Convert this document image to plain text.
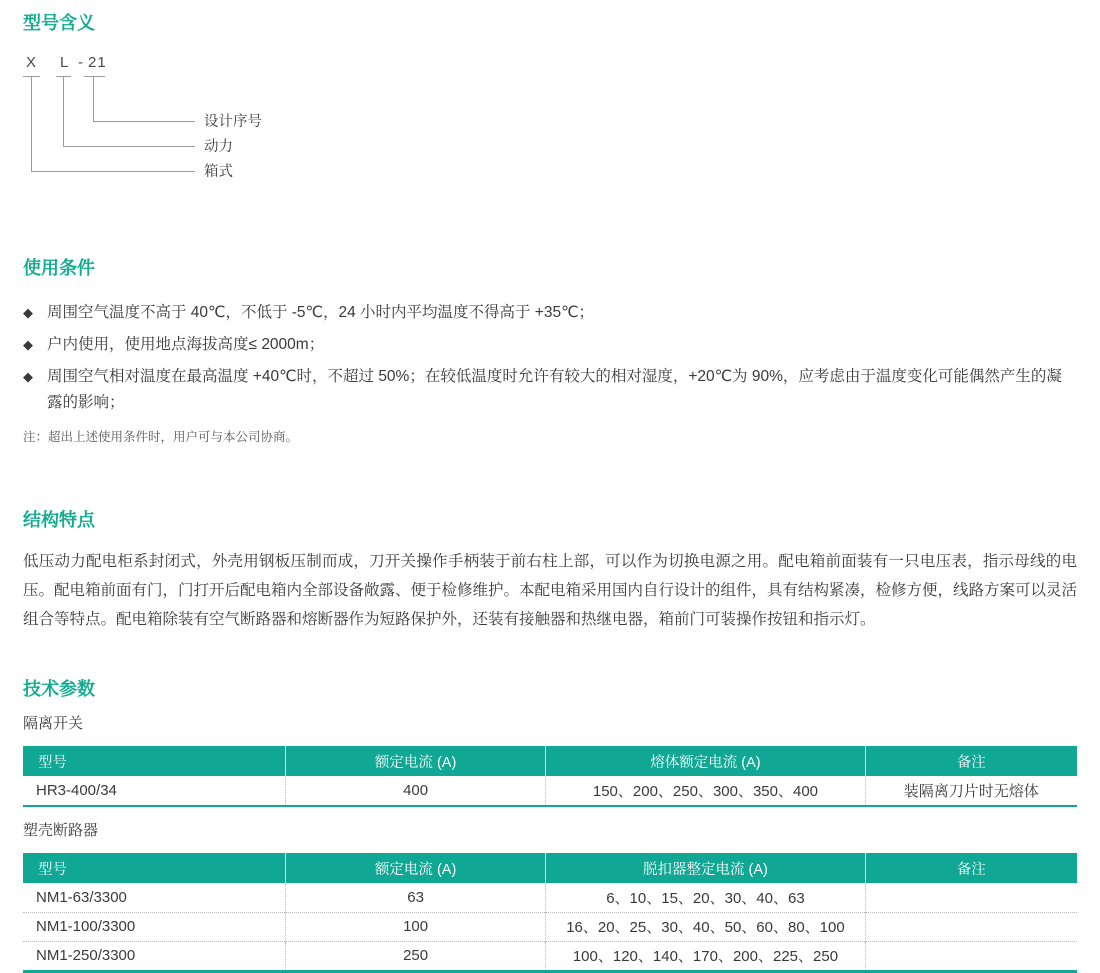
型号含义
X L - 21
设计序号
动力
箱式
使用条件
◆ 周围空气温度不高于 40℃，不低于 -5℃，24 小时内平均温度不得高于 +35℃；
◆ 户内使用，使用地点海拔高度≤ 2000m；
◆ 周围空气相对温度在最高温度 +40℃时，不超过 50%；在较低温度时允许有较大的相对湿度，+20℃为 90%，应考虑由于温度变化可能偶然产生的凝露的影响；
注：超出上述使用条件时，用户可与本公司协商。
结构特点

低压动力配电柜系封闭式，外壳用钢板压制而成，刀开关操作手柄装于前右柱上部，可以作为切换电源之用。配电箱前面装有一只电压表，指示母线的电压。配电箱前面有门，门打开后配电箱内全部设备敞露、便于检修维护。本配电箱采用国内自行设计的组件，具有结构紧凑，检修方便，线路方案可以灵活组合等特点。配电箱除装有空气断路器和熔断器作为短路保护外，还装有接触器和热继电器，箱前门可装操作按钮和指示灯。

技术参数
隔离开关
型号	额定电流 (A)	熔体额定电流 (A)	备注
HR3-400/34	400	150、200、250、300、350、400	装隔离刀片时无熔体
塑壳断路器
型号	额定电流 (A)	脱扣器整定电流 (A)	备注
NM1-63/3300	63	6、10、15、20、30、40、63	
NM1-100/3300	100	16、20、25、30、40、50、60、80、100	
NM1-250/3300	250	100、120、140、170、200、225、250	
